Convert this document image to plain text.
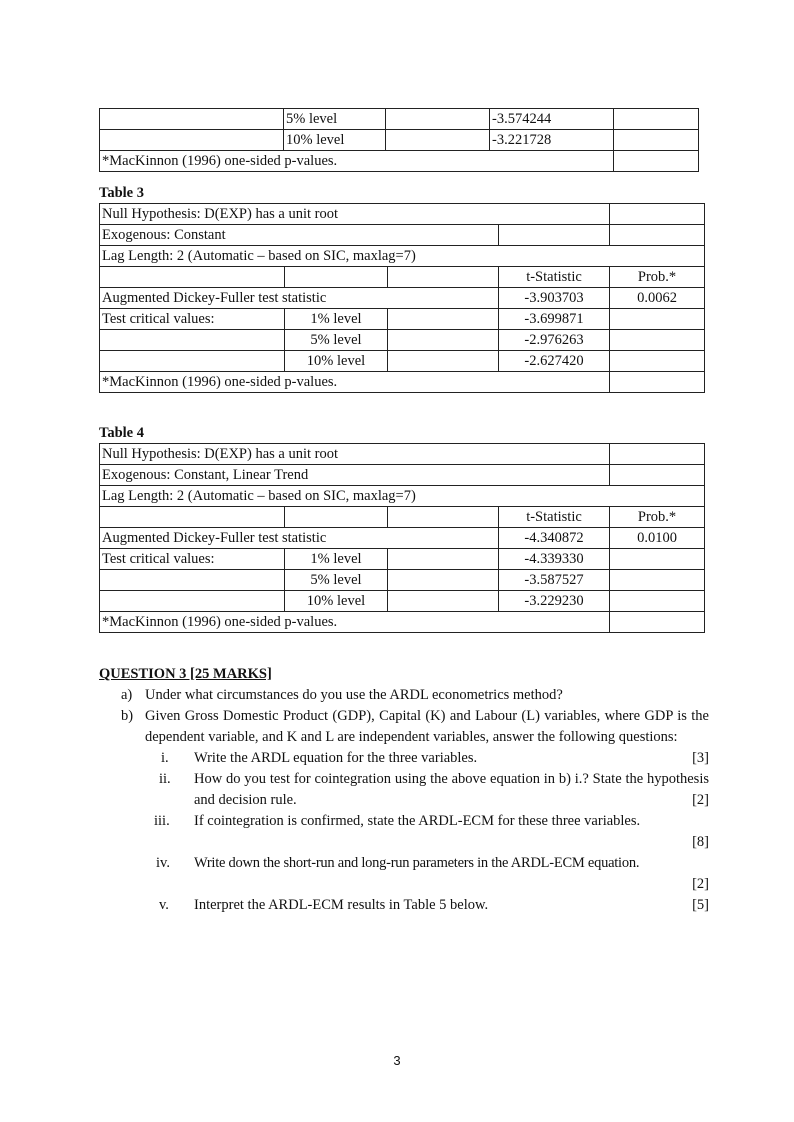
	5% level		-3.574244	
	10% level		-3.221728	
*MacKinnon (1996) one-sided p-values.				
Table 3
Null Hypothesis: D(EXP) has a unit root				
Exogenous: Constant				
Lag Length: 2 (Automatic – based on SIC, maxlag=7)				
			t-Statistic	Prob.*
Augmented Dickey-Fuller test statistic			-3.903703	0.0062
Test critical values:	1% level		-3.699871	
	5% level		-2.976263	
	10% level		-2.627420	
*MacKinnon (1996) one-sided p-values.				
Table 4
Null Hypothesis: D(EXP) has a unit root				
Exogenous: Constant, Linear Trend				
Lag Length: 2 (Automatic – based on SIC, maxlag=7)				
			t-Statistic	Prob.*
Augmented Dickey-Fuller test statistic			-4.340872	0.0100
Test critical values:	1% level		-4.339330	
	5% level		-3.587527	
	10% level		-3.229230	
*MacKinnon (1996) one-sided p-values.				
QUESTION 3 [25 MARKS]
a) Under what circumstances do you use the ARDL econometrics method?
b) Given Gross Domestic Product (GDP), Capital (K) and Labour (L) variables, where GDP is the dependent variable, and K and L are independent variables, answer the following questions:
i.	[3]
Write the ARDL equation for the three variables.
ii. How do you test for cointegration using the above equation in b) i.? State the hypothesis and decision rule.	[2]
iii. If cointegration is confirmed, state the ARDL-ECM for these three variables.
[8]
iv. Write down the short-run and long-run parameters in the ARDL-ECM equation.
[2]
v.	[5]
Interpret the ARDL-ECM results in Table 5 below.
3
